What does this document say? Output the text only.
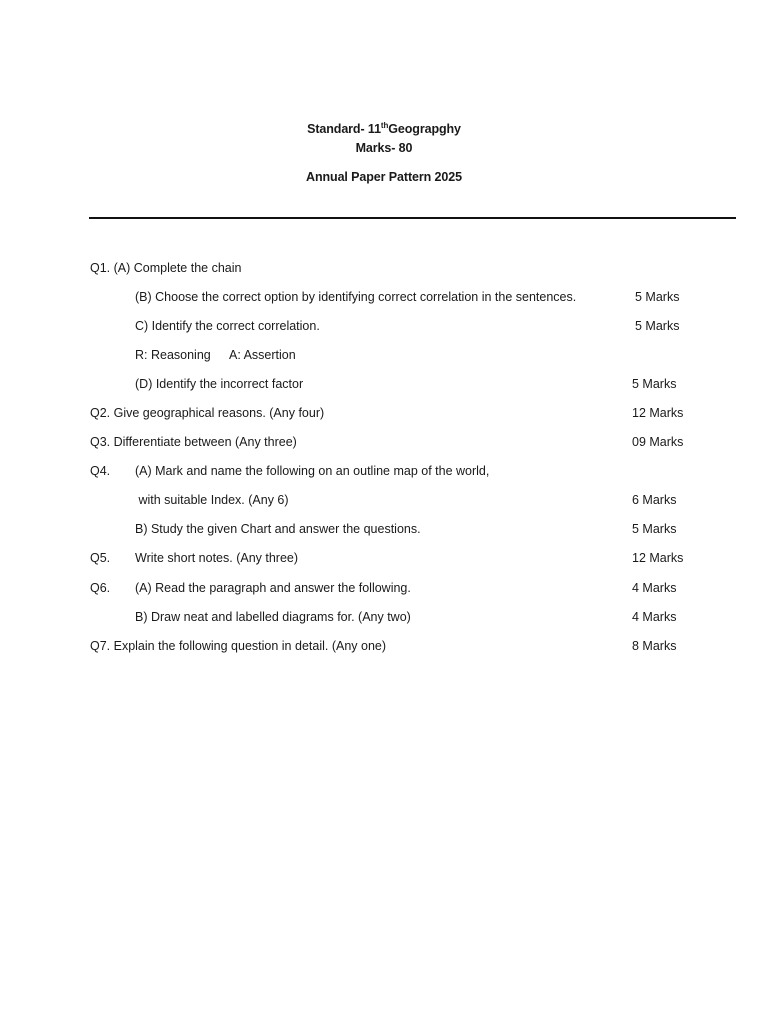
Standard- 11thGeograpghy
Marks- 80
Annual Paper Pattern 2025
Q1. (A) Complete the chain
(B) Choose the correct option by identifying correct correlation in the sentences.	5 Marks
C) Identify the correct correlation.	5 Marks
R: Reasoning A: Assertion
(D) Identify the incorrect factor	5 Marks
Q2. Give geographical reasons. (Any four)	12 Marks
Q3. Differentiate between (Any three)	09 Marks
Q4. (A) Mark and name the following on an outline map of the world,
with suitable Index. (Any 6)	6 Marks
B) Study the given Chart and answer the questions.	5 Marks
Q5. Write short notes. (Any three)	12 Marks
Q6. (A) Read the paragraph and answer the following.	4 Marks
B) Draw neat and labelled diagrams for. (Any two)	4 Marks
Q7. Explain the following question in detail. (Any one)	8 Marks
